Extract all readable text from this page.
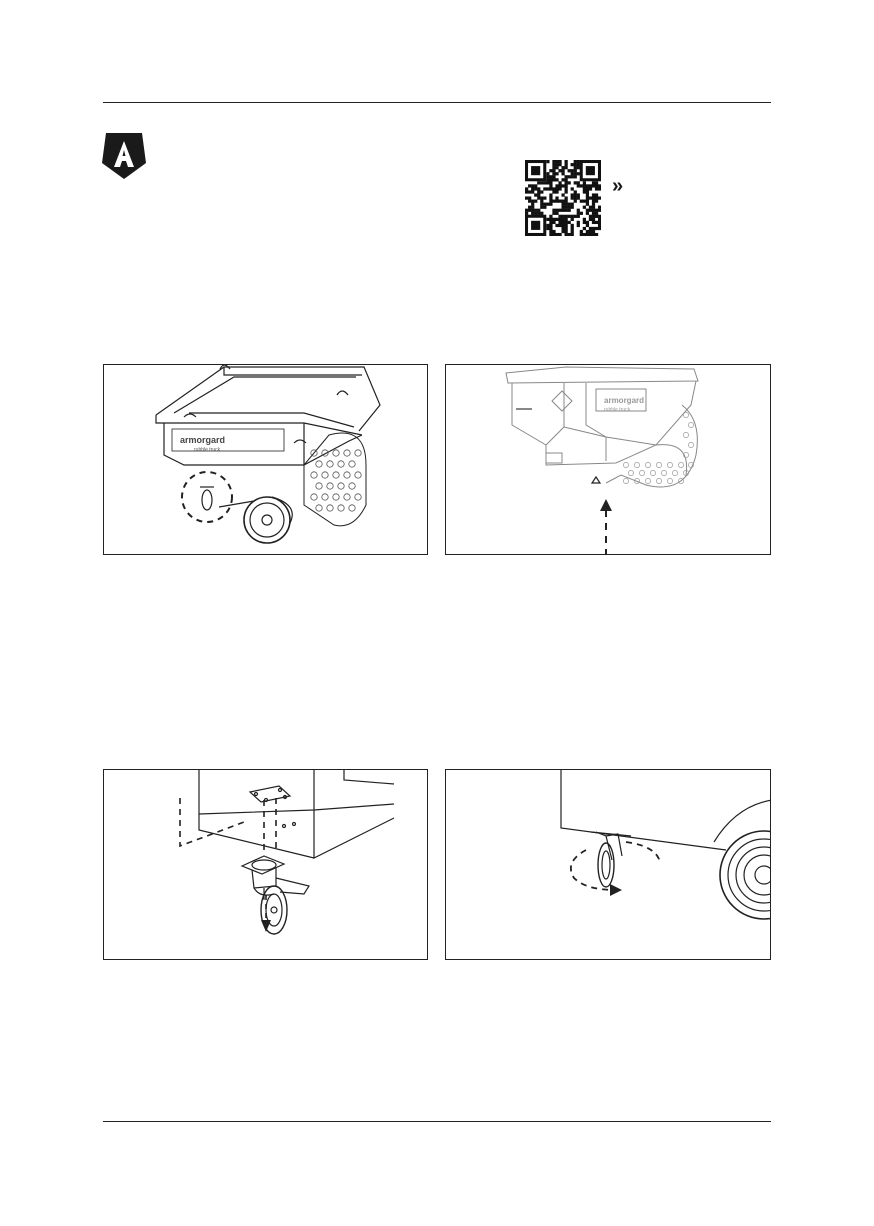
»
armorgard
rubble truck
armorgard
rubble truck
